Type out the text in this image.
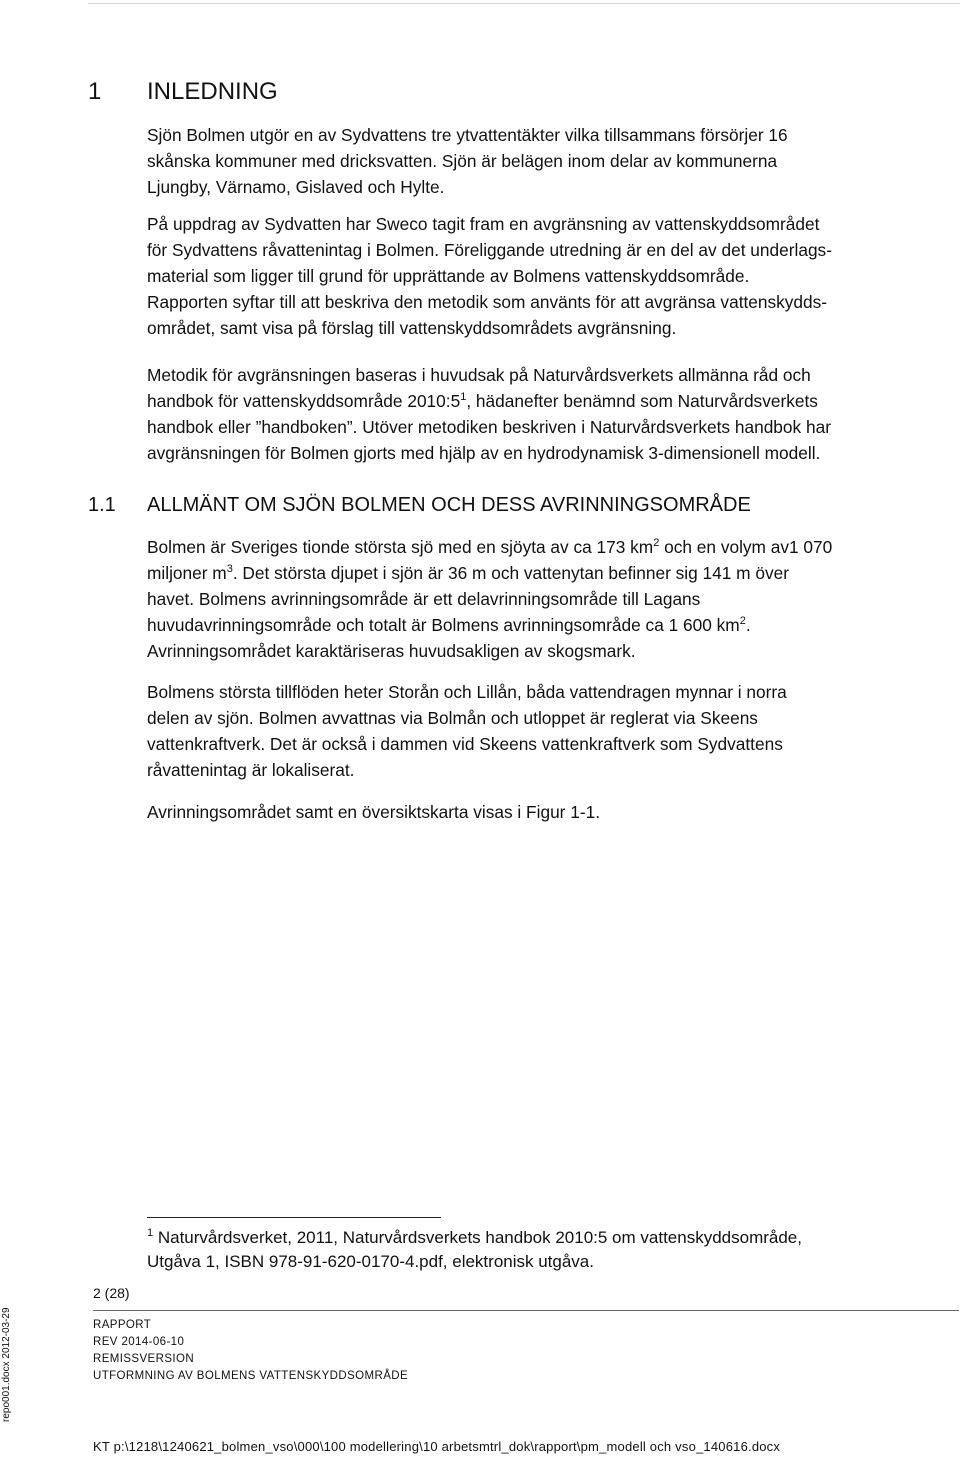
1 INLEDNING
Sjön Bolmen utgör en av Sydvattens tre ytvattentäkter vilka tillsammans försörjer 16
skånska kommuner med dricksvatten. Sjön är belägen inom delar av kommunerna
Ljungby, Värnamo, Gislaved och Hylte.
På uppdrag av Sydvatten har Sweco tagit fram en avgränsning av vattenskyddsområdet
för Sydvattens råvattenintag i Bolmen. Föreliggande utredning är en del av det underlags-
material som ligger till grund för upprättande av Bolmens vattenskyddsområde.
Rapporten syftar till att beskriva den metodik som använts för att avgränsa vattenskydds-
området, samt visa på förslag till vattenskyddsområdets avgränsning.
Metodik för avgränsningen baseras i huvudsak på Naturvårdsverkets allmänna råd och
handbok för vattenskyddsområde $2010:5^1$, hädanefter benämnd som Naturvårdsverkets
handbok eller ”handboken”. Utöver metodiken beskriven i Naturvårdsverkets handbok har
avgränsningen för Bolmen gjorts med hjälp av en hydrodynamisk 3-dimensionell modell.
1.1 ALLMÄNT OM SJÖN BOLMEN OCH DESS AVRINNINGSOMRÅDE
Bolmen är Sveriges tionde största sjö med en sjöyta av ca 173 $km^2$ och en volym av1 070
miljoner $m^3$. Det största djupet i sjön är 36 m och vattenytan befinner sig 141 m över
havet. Bolmens avrinningsområde är ett delavrinningsområde till Lagans
huvudavrinningsområde och totalt är Bolmens avrinningsområde ca 1 600 $km^2$.
Avrinningsområdet karaktäriseras huvudsakligen av skogsmark.
Bolmens största tillflöden heter Storån och Lillån, båda vattendragen mynnar i norra
delen av sjön. Bolmen avvattnas via Bolmån och utloppet är reglerat via Skeens
vattenkraftverk. Det är också i dammen vid Skeens vattenkraftverk som Sydvattens
råvattenintag är lokaliserat.
Avrinningsområdet samt en översiktskarta visas i Figur 1-1.
$^1$ Naturvårdsverket, 2011, Naturvårdsverkets handbok 2010:5 om vattenskyddsområde,
Utgåva 1, ISBN 978-91-620-0170-4.pdf, elektronisk utgåva.
2 (28)
RAPPORT
REV 2014-06-10
REMISSVERSION
UTFORMNING AV BOLMENS VATTENSKYDDSOMRÅDE
repo001.docx 2012-03-29
KT p:\1218\1240621_bolmen_vso\000\100 modellering\10 arbetsmtrl_dok\rapport\pm_modell och vso_140616.docx
